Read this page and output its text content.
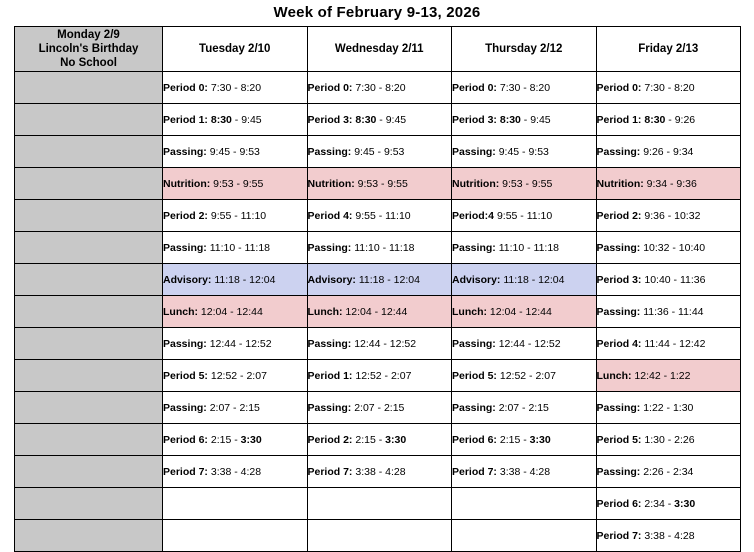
Week of February 9-13, 2026
Monday 2/9
Lincoln's Birthday
No School	Tuesday 2/10	Wednesday 2/11	Thursday 2/12	Friday 2/13

	Period 0: 7:30 - 8:20	Period 0: 7:30 - 8:20	Period 0: 7:30 - 8:20	Period 0: 7:30 - 8:20
	Period 1: 8:30 - 9:45	Period 3: 8:30 - 9:45	Period 3: 8:30 - 9:45	Period 1: 8:30 - 9:26
	Passing: 9:45 - 9:53	Passing: 9:45 - 9:53	Passing: 9:45 - 9:53	Passing: 9:26 - 9:34
	Nutrition: 9:53 - 9:55	Nutrition: 9:53 - 9:55	Nutrition: 9:53 - 9:55	Nutrition: 9:34 - 9:36
	Period 2: 9:55 - 11:10	Period 4: 9:55 - 11:10	Period:4 9:55 - 11:10	Period 2: 9:36 - 10:32
	Passing: 11:10 - 11:18	Passing: 11:10 - 11:18	Passing: 11:10 - 11:18	Passing: 10:32 - 10:40
	Advisory: 11:18 - 12:04	Advisory: 11:18 - 12:04	Advisory: 11:18 - 12:04	Period 3: 10:40 - 11:36
	Lunch: 12:04 - 12:44	Lunch: 12:04 - 12:44	Lunch: 12:04 - 12:44	Passing: 11:36 - 11:44
	Passing: 12:44 - 12:52	Passing: 12:44 - 12:52	Passing: 12:44 - 12:52	Period 4: 11:44 - 12:42
	Period 5: 12:52 - 2:07	Period 1: 12:52 - 2:07	Period 5: 12:52 - 2:07	Lunch: 12:42 - 1:22
	Passing: 2:07 - 2:15	Passing: 2:07 - 2:15	Passing: 2:07 - 2:15	Passing: 1:22 - 1:30
	Period 6: 2:15 - 3:30	Period 2: 2:15 - 3:30	Period 6: 2:15 - 3:30	Period 5: 1:30 - 2:26
	Period 7: 3:38 - 4:28	Period 7: 3:38 - 4:28	Period 7: 3:38 - 4:28	Passing: 2:26 - 2:34
				Period 6: 2:34 - 3:30
				Period 7: 3:38 - 4:28
